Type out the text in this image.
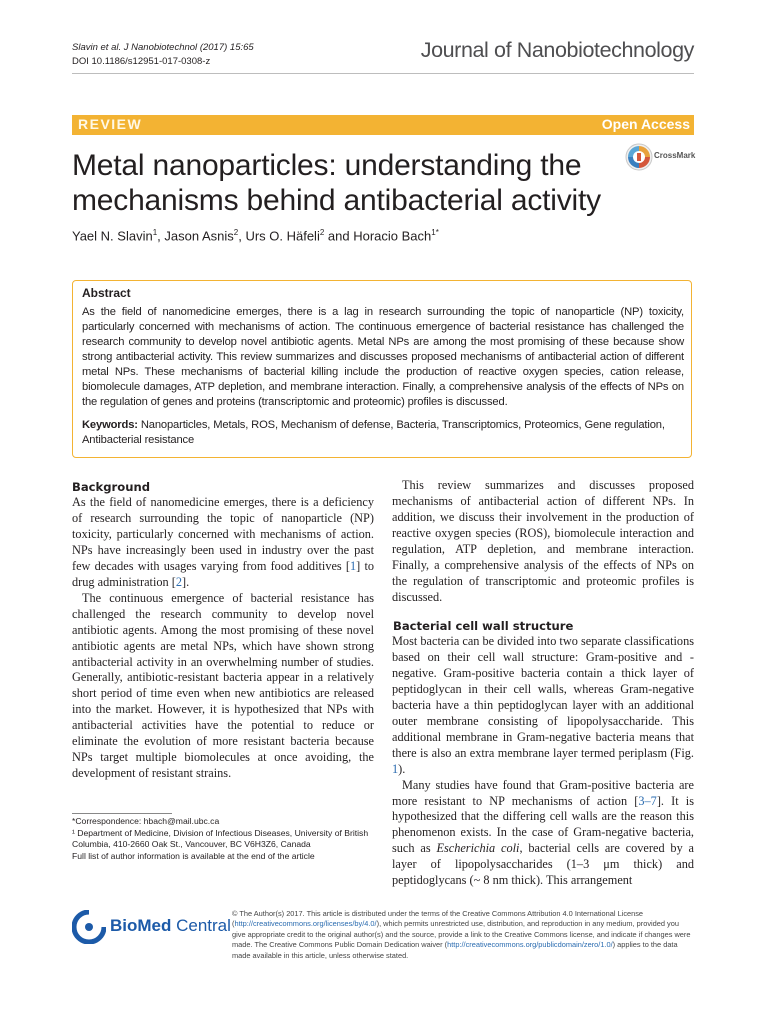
Slavin et al. J Nanobiotechnol (2017) 15:65
DOI 10.1186/s12951-017-0308-z	Journal of Nanobiotechnology
REVIEW	Open Access
Metal nanoparticles: understanding the
mechanisms behind antibacterial activity
CrossMark
Yael N. Slavin$^1$, Jason Asnis$^2$, Urs O. Häfeli$^2$ and Horacio Bach$^{1*}$
Abstract
As the field of nanomedicine emerges, there is a lag in research surrounding the topic of nanoparticle (NP) toxicity, particularly concerned with mechanisms of action. The continuous emergence of bacterial resistance has challenged the research community to develop novel antibiotic agents. Metal NPs are among the most promising of these because show strong antibacterial activity. This review summarizes and discusses proposed mechanisms of antibacterial action of different metal NPs. These mechanisms of bacterial killing include the production of reactive oxygen species, cation release, biomolecule damages, ATP depletion, and membrane interaction. Finally, a comprehensive analysis of the effects of NPs on the regulation of genes and proteins (transcriptomic and proteomic) profiles is discussed.
Keywords: Nanoparticles, Metals, ROS, Mechanism of defense, Bacteria, Transcriptomics, Proteomics, Gene regulation, Antibacterial resistance
Background

As the field of nanomedicine emerges, there is a deficiency of research surrounding the topic of nanoparticle (NP) toxicity, particularly concerned with mechanisms of action. NPs have increasingly been used in industry over the past few decades with usages varying from food additives [1] to drug administration [2].

The continuous emergence of bacterial resistance has challenged the research community to develop novel antibiotic agents. Among the most promising of these novel antibiotic agents are metal NPs, which have shown strong antibacterial activity in an overwhelming number of studies. Generally, antibiotic-resistant bacteria appear in a relatively short period of time even when new antibiotics are released into the market. However, it is hypothesized that NPs with antibacterial activities have the potential to reduce or eliminate the evolution of more resistant bacteria because NPs target multiple biomolecules at once avoiding, the development of resistant strains.

This review summarizes and discusses proposed mechanisms of antibacterial action of different NPs. In addition, we discuss their involvement in the production of reactive oxygen species (ROS), biomolecule interaction and regulation, ATP depletion, and membrane interaction. Finally, a comprehensive analysis of the effects of NPs on the regulation of transcriptomic and proteomic profiles is discussed.

Bacterial cell wall structure

Most bacteria can be divided into two separate classifications based on their cell wall structure: Gram-positive and -negative. Gram-positive bacteria contain a thick layer of peptidoglycan in their cell walls, whereas Gram-negative bacteria have a thin peptidoglycan layer with an additional outer membrane consisting of lipopolysaccharide. This additional membrane in Gram-negative bacteria means that there is also an extra membrane layer termed periplasm (Fig. 1).

Many studies have found that Gram-positive bacteria are more resistant to NP mechanisms of action [3–7]. It is hypothesized that the differing cell walls are the reason this phenomenon exists. In the case of Gram-negative bacteria, such as Escherichia coli, bacterial cells are covered by a layer of lipopolysaccharides (1–3 μm thick) and peptidoglycans (~ 8 nm thick). This arrangement

*Correspondence: hbach@mail.ubc.ca
¹ Department of Medicine, Division of Infectious Diseases, University of British Columbia, 410-2660 Oak St., Vancouver, BC V6H3Z6, Canada
Full list of author information is available at the end of the article
BioMed Central
© The Author(s) 2017. This article is distributed under the terms of the Creative Commons Attribution 4.0 International License (http://creativecommons.org/licenses/by/4.0/), which permits unrestricted use, distribution, and reproduction in any medium, provided you give appropriate credit to the original author(s) and the source, provide a link to the Creative Commons license, and indicate if changes were made. The Creative Commons Public Domain Dedication waiver (http://creativecommons.org/publicdomain/zero/1.0/) applies to the data made available in this article, unless otherwise stated.
